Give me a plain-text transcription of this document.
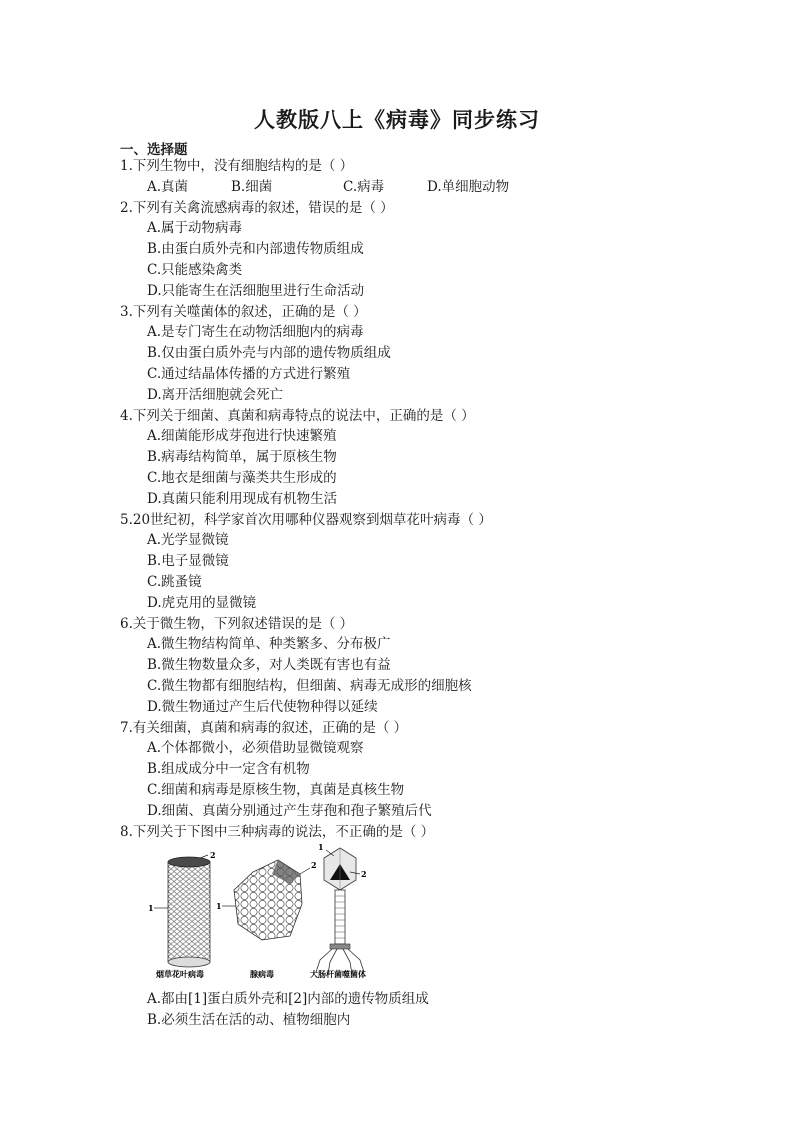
人教版八上《病毒》同步练习
一、选择题
1.下列生物中，没有细胞结构的是（ ）
A.真菌	B.细菌	C.病毒	D.单细胞动物
2.下列有关禽流感病毒的叙述，错误的是（ ）
A.属于动物病毒
B.由蛋白质外壳和内部遗传物质组成
C.只能感染禽类
D.只能寄生在活细胞里进行生命活动
3.下列有关噬菌体的叙述，正确的是（ ）
A.是专门寄生在动物活细胞内的病毒
B.仅由蛋白质外壳与内部的遗传物质组成
C.通过结晶体传播的方式进行繁殖
D.离开活细胞就会死亡
4.下列关于细菌、真菌和病毒特点的说法中，正确的是（ ）
A.细菌能形成芽孢进行快速繁殖
B.病毒结构简单，属于原核生物
C.地衣是细菌与藻类共生形成的
D.真菌只能利用现成有机物生活
5.20世纪初，科学家首次用哪种仪器观察到烟草花叶病毒（ ）
A.光学显微镜
B.电子显微镜
C.跳蚤镜
D.虎克用的显微镜
6.关于微生物，下列叙述错误的是（ ）
A.微生物结构简单、种类繁多、分布极广
B.微生物数量众多，对人类既有害也有益
C.微生物都有细胞结构，但细菌、病毒无成形的细胞核
D.微生物通过产生后代使物种得以延续
7.有关细菌，真菌和病毒的叙述，正确的是（ ）
A.个体都微小，必须借助显微镜观察
B.组成成分中一定含有机物
C.细菌和病毒是原核生物，真菌是真核生物
D.细菌、真菌分别通过产生芽孢和孢子繁殖后代
8.下列关于下图中三种病毒的说法，不正确的是（ ）
2
1
2
1
1
2
烟草花叶病毒	腺病毒	大肠杆菌噬菌体
A.都由[1]蛋白质外壳和[2]内部的遗传物质组成
B.必须生活在活的动、植物细胞内
